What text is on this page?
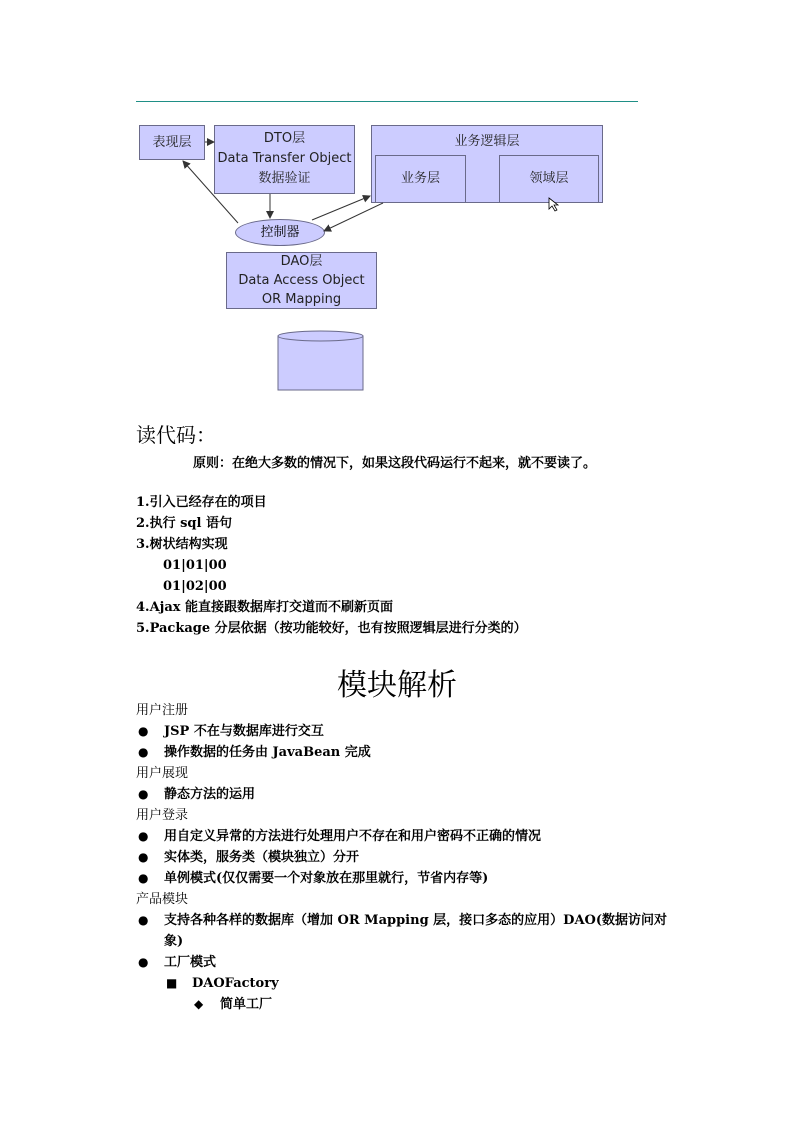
表现层	DTO层
Data Transfer Object
数据验证
业务逻辑层
业务层	领域层
控制器
DAO层
Data Access Object
OR Mapping
读代码：
原则：在绝大多数的情况下，如果这段代码运行不起来，就不要读了。
1.引入已经存在的项目
2.执行 sql 语句
3.树状结构实现
01|01|00
01|02|00
4.Ajax 能直接跟数据库打交道而不刷新页面
5.Package 分层依据（按功能较好，也有按照逻辑层进行分类的）
模块解析
用户注册
● JSP 不在与数据库进行交互
● 操作数据的任务由 JavaBean 完成
用户展现
● 静态方法的运用
用户登录
● 用自定义异常的方法进行处理用户不存在和用户密码不正确的情况
● 实体类，服务类（模块独立）分开
● 单例模式(仅仅需要一个对象放在那里就行，节省内存等)
产品模块
● 支持各种各样的数据库（增加 OR Mapping 层，接口多态的应用）DAO(数据访问对象)
● 工厂模式
■ DAOFactory
◆ 简单工厂
